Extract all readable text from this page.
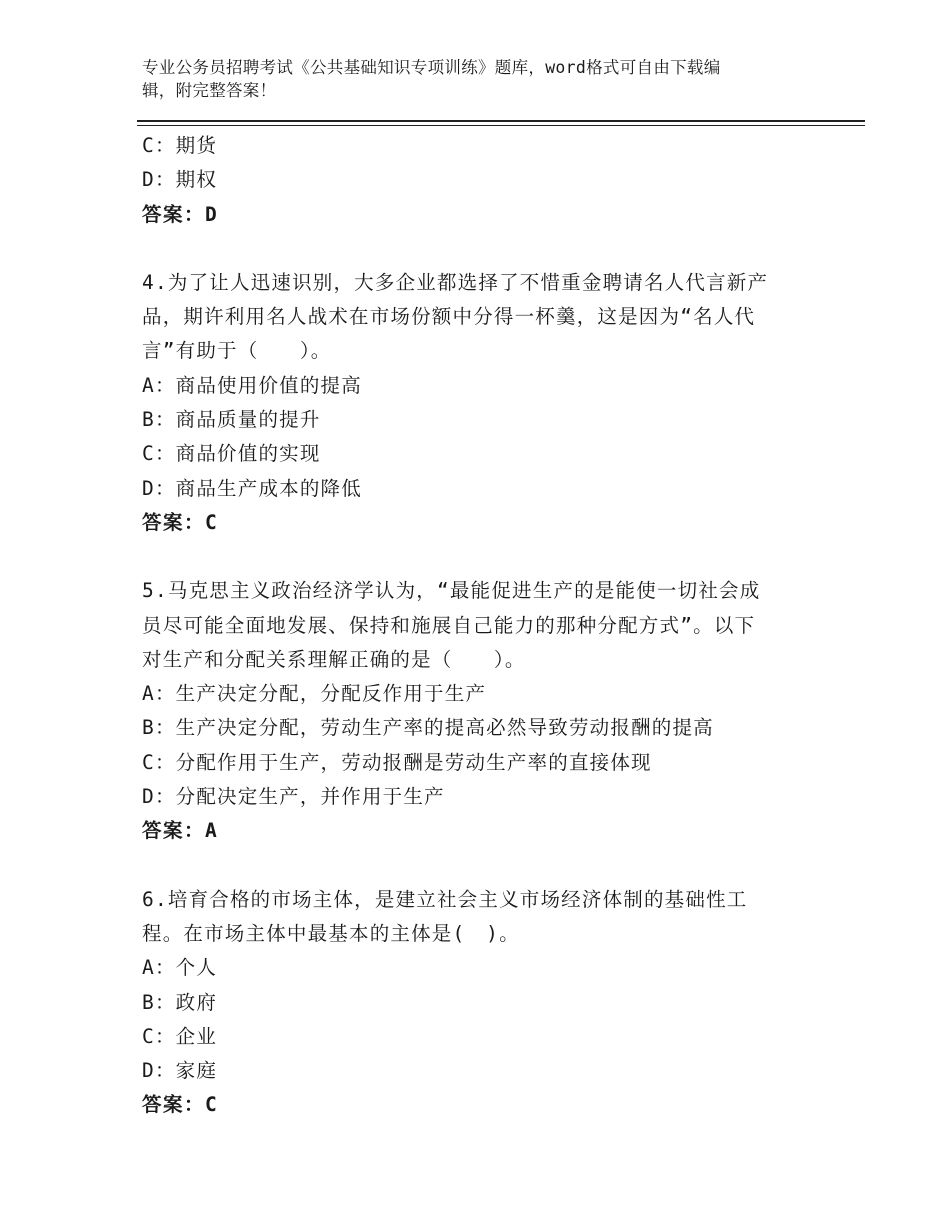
专业公务员招聘考试《公共基础知识专项训练》题库，word格式可自由下载编
辑，附完整答案！
C：期货
D：期权
答案：D
4.为了让人迅速识别，大多企业都选择了不惜重金聘请名人代言新产
品，期许利用名人战术在市场份额中分得一杯羹，这是因为“名人代
言”有助于（　　）。
A：商品使用价值的提高
B：商品质量的提升
C：商品价值的实现
D：商品生产成本的降低
答案：C
5.马克思主义政治经济学认为，“最能促进生产的是能使一切社会成
员尽可能全面地发展、保持和施展自己能力的那种分配方式”。以下
对生产和分配关系理解正确的是（　　）。
A：生产决定分配，分配反作用于生产
B：生产决定分配，劳动生产率的提高必然导致劳动报酬的提高
C：分配作用于生产，劳动报酬是劳动生产率的直接体现
D：分配决定生产，并作用于生产
答案：A
6.培育合格的市场主体，是建立社会主义市场经济体制的基础性工
程。在市场主体中最基本的主体是(　)。
A：个人
B：政府
C：企业
D：家庭
答案：C
